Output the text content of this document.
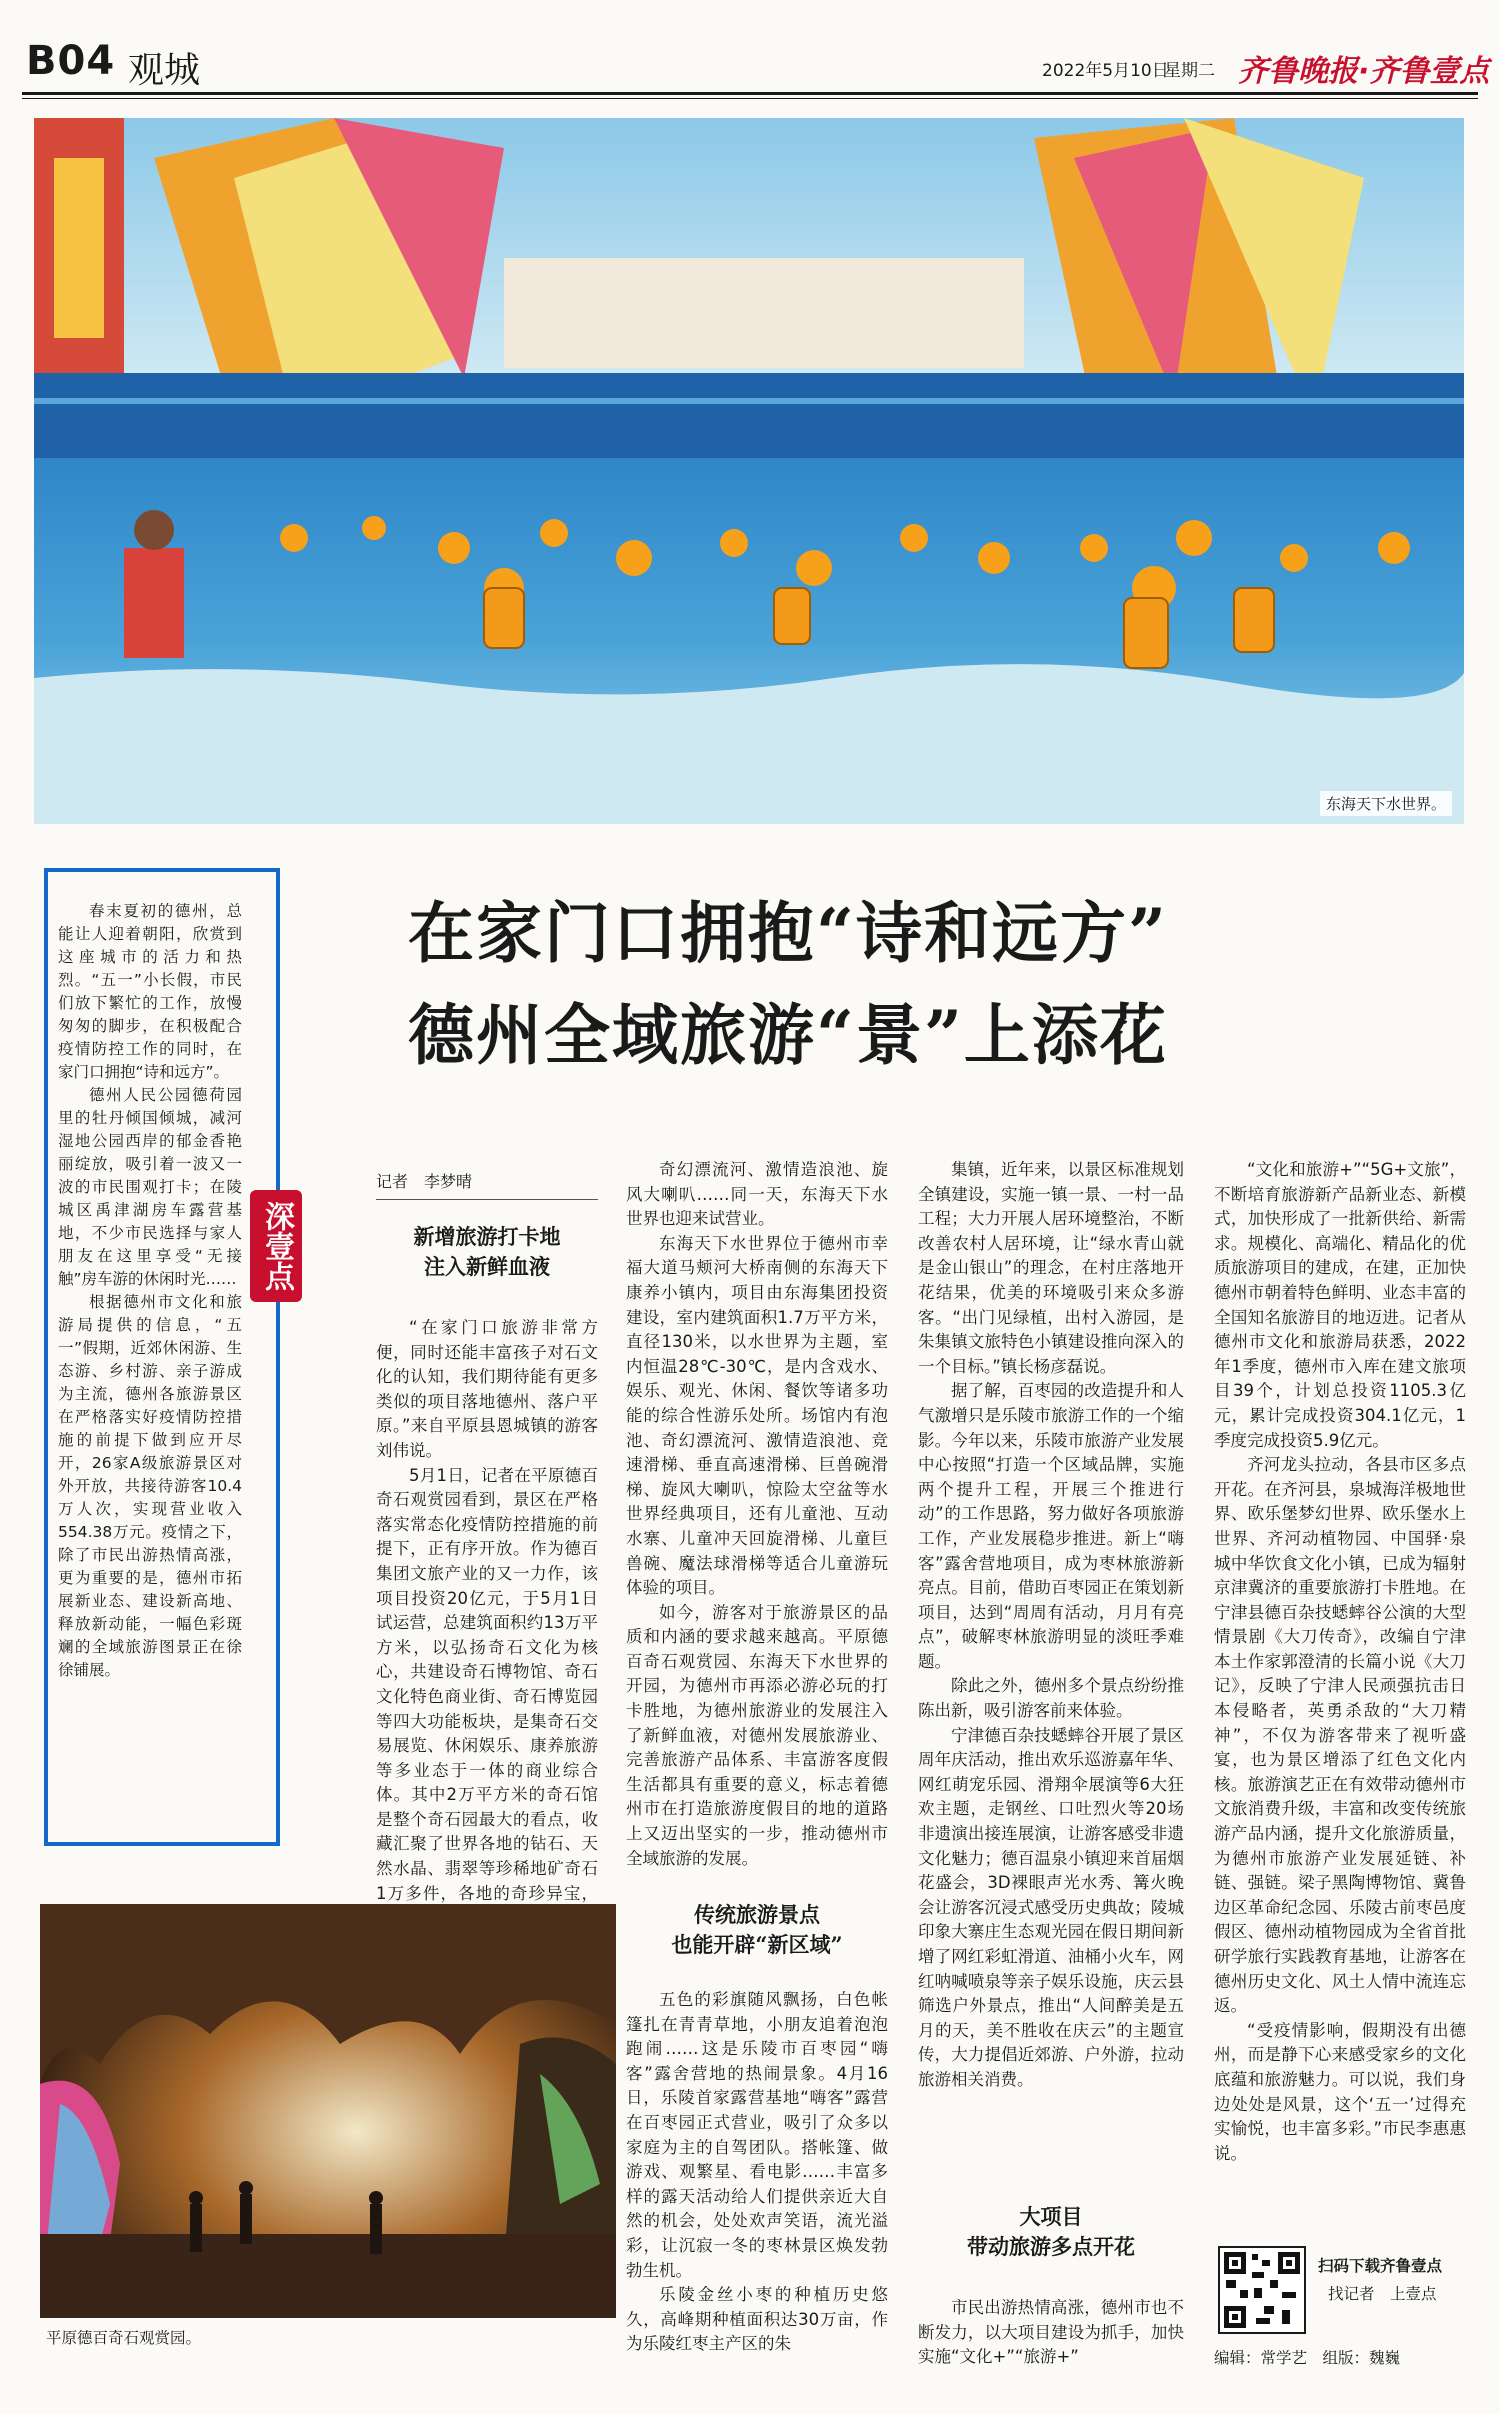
B04 观城	2022年5月10日
星期二 齐鲁晚报·齐鲁壹点
东海天下水世界。
在家门口拥抱“诗和远方”
德州全域旅游“景”上添花

春末夏初的德州，总能让人迎着朝阳，欣赏到这座城市的活力和热烈。“五一”小长假，市民们放下繁忙的工作，放慢匆匆的脚步，在积极配合疫情防控工作的同时，在家门口拥抱“诗和远方”。

德州人民公园德荷园里的牡丹倾国倾城，减河湿地公园西岸的郁金香艳丽绽放，吸引着一波又一波的市民围观打卡；在陵城区禹津湖房车露营基地，不少市民选择与家人朋友在这里享受“无接触”房车游的休闲时光……

根据德州市文化和旅游局提供的信息，“五一”假期，近郊休闲游、生态游、乡村游、亲子游成为主流，德州各旅游景区在严格落实好疫情防控措施的前提下做到应开尽开，26家A级旅游景区对外开放，共接待游客10.4万人次，实现营业收入554.38万元。疫情之下，除了市民出游热情高涨，更为重要的是，德州市拓展新业态、建设新高地、释放新动能，一幅色彩斑斓的全域旅游图景正在徐徐铺展。

深壹点
记者　李梦晴
新增旅游打卡地
注入新鲜血液

“在家门口旅游非常方便，同时还能丰富孩子对石文化的认知，我们期待能有更多类似的项目落地德州、落户平原。”来自平原县恩城镇的游客刘伟说。

5月1日，记者在平原德百奇石观赏园看到，景区在严格落实常态化疫情防控措施的前提下，正有序开放。作为德百集团文旅产业的又一力作，该项目投资20亿元，于5月1日试运营，总建筑面积约13万平方米，以弘扬奇石文化为核心，共建设奇石博物馆、奇石文化特色商业街、奇石博览园等四大功能板块，是集奇石交易展览、休闲娱乐、康养旅游等多业态于一体的商业综合体。其中2万平方米的奇石馆是整个奇石园最大的看点，收藏汇聚了世界各地的钻石、天然水晶、翡翠等珍稀地矿奇石1万多件，各地的奇珍异宝，

平原德百奇石观赏园。

奇幻漂流河、激情造浪池、旋风大喇叭……同一天，东海天下水世界也迎来试营业。

东海天下水世界位于德州市幸福大道马颊河大桥南侧的东海天下康养小镇内，项目由东海集团投资建设，室内建筑面积1.7万平方米，直径130米，以水世界为主题，室内恒温28℃-30℃，是内含戏水、娱乐、观光、休闲、餐饮等诸多功能的综合性游乐处所。场馆内有泡池、奇幻漂流河、激情造浪池、竞速滑梯、垂直高速滑梯、巨兽碗滑梯、旋风大喇叭，惊险太空盆等水世界经典项目，还有儿童池、互动水寨、儿童冲天回旋滑梯、儿童巨兽碗、魔法球滑梯等适合儿童游玩体验的项目。

如今，游客对于旅游景区的品质和内涵的要求越来越高。平原德百奇石观赏园、东海天下水世界的开园，为德州市再添必游必玩的打卡胜地，为德州旅游业的发展注入了新鲜血液，对德州发展旅游业、完善旅游产品体系、丰富游客度假生活都具有重要的意义，标志着德州市在打造旅游度假目的地的道路上又迈出坚实的一步，推动德州市全域旅游的发展。

传统旅游景点
也能开辟“新区域”

五色的彩旗随风飘扬，白色帐篷扎在青青草地，小朋友追着泡泡跑闹……这是乐陵市百枣园“嗨客”露舍营地的热闹景象。4月16日，乐陵首家露营基地“嗨客”露营在百枣园正式营业，吸引了众多以家庭为主的自驾团队。搭帐篷、做游戏、观繁星、看电影……丰富多样的露天活动给人们提供亲近大自然的机会，处处欢声笑语，流光溢彩，让沉寂一冬的枣林景区焕发勃勃生机。

乐陵金丝小枣的种植历史悠久，高峰期种植面积达30万亩，作为乐陵红枣主产区的朱

集镇，近年来，以景区标准规划全镇建设，实施一镇一景、一村一品工程；大力开展人居环境整治，不断改善农村人居环境，让“绿水青山就是金山银山”的理念，在村庄落地开花结果，优美的环境吸引来众多游客。“出门见绿植，出村入游园，是朱集镇文旅特色小镇建设推向深入的一个目标。”镇长杨彦磊说。

据了解，百枣园的改造提升和人气激增只是乐陵市旅游工作的一个缩影。今年以来，乐陵市旅游产业发展中心按照“打造一个区域品牌，实施两个提升工程，开展三个推进行动”的工作思路，努力做好各项旅游工作，产业发展稳步推进。新上“嗨客”露舍营地项目，成为枣林旅游新亮点。目前，借助百枣园正在策划新项目，达到“周周有活动，月月有亮点”，破解枣林旅游明显的淡旺季难题。

除此之外，德州多个景点纷纷推陈出新，吸引游客前来体验。

宁津德百杂技蟋蟀谷开展了景区周年庆活动，推出欢乐巡游嘉年华、网红萌宠乐园、滑翔伞展演等6大狂欢主题，走钢丝、口吐烈火等20场非遗演出接连展演，让游客感受非遗文化魅力；德百温泉小镇迎来首届烟花盛会，3D裸眼声光水秀、篝火晚会让游客沉浸式感受历史典故；陵城印象大寨庄生态观光园在假日期间新增了网红彩虹滑道、油桶小火车，网红呐喊喷泉等亲子娱乐设施，庆云县筛选户外景点，推出“人间醉美是五月的天，美不胜收在庆云”的主题宣传，大力提倡近郊游、户外游，拉动旅游相关消费。

大项目
带动旅游多点开花

市民出游热情高涨，德州市也不断发力，以大项目建设为抓手，加快实施“文化+”“旅游+”

“文化和旅游+”“5G+文旅”，不断培育旅游新产品新业态、新模式，加快形成了一批新供给、新需求。规模化、高端化、精品化的优质旅游项目的建成，在建，正加快德州市朝着特色鲜明、业态丰富的全国知名旅游目的地迈进。记者从德州市文化和旅游局获悉，2022年1季度，德州市入库在建文旅项目39个，计划总投资1105.3亿元，累计完成投资304.1亿元，1季度完成投资5.9亿元。

齐河龙头拉动，各县市区多点开花。在齐河县，泉城海洋极地世界、欧乐堡梦幻世界、欧乐堡水上世界、齐河动植物园、中国驿·泉城中华饮食文化小镇，已成为辐射京津冀济的重要旅游打卡胜地。在宁津县德百杂技蟋蟀谷公演的大型情景剧《大刀传奇》，改编自宁津本土作家郭澄清的长篇小说《大刀记》，反映了宁津人民顽强抗击日本侵略者，英勇杀敌的“大刀精神”，不仅为游客带来了视听盛宴，也为景区增添了红色文化内核。旅游演艺正在有效带动德州市文旅消费升级，丰富和改变传统旅游产品内涵，提升文化旅游质量，为德州市旅游产业发展延链、补链、强链。梁子黑陶博物馆、冀鲁边区革命纪念园、乐陵古前枣邑度假区、德州动植物园成为全省首批研学旅行实践教育基地，让游客在德州历史文化、风土人情中流连忘返。

“受疫情影响，假期没有出德州，而是静下心来感受家乡的文化底蕴和旅游魅力。可以说，我们身边处处是风景，这个‘五一’过得充实愉悦，也丰富多彩。”市民李惠惠说。

扫码下载齐鲁壹点
找记者　上壹点
编辑：常学艺　组版：魏巍
